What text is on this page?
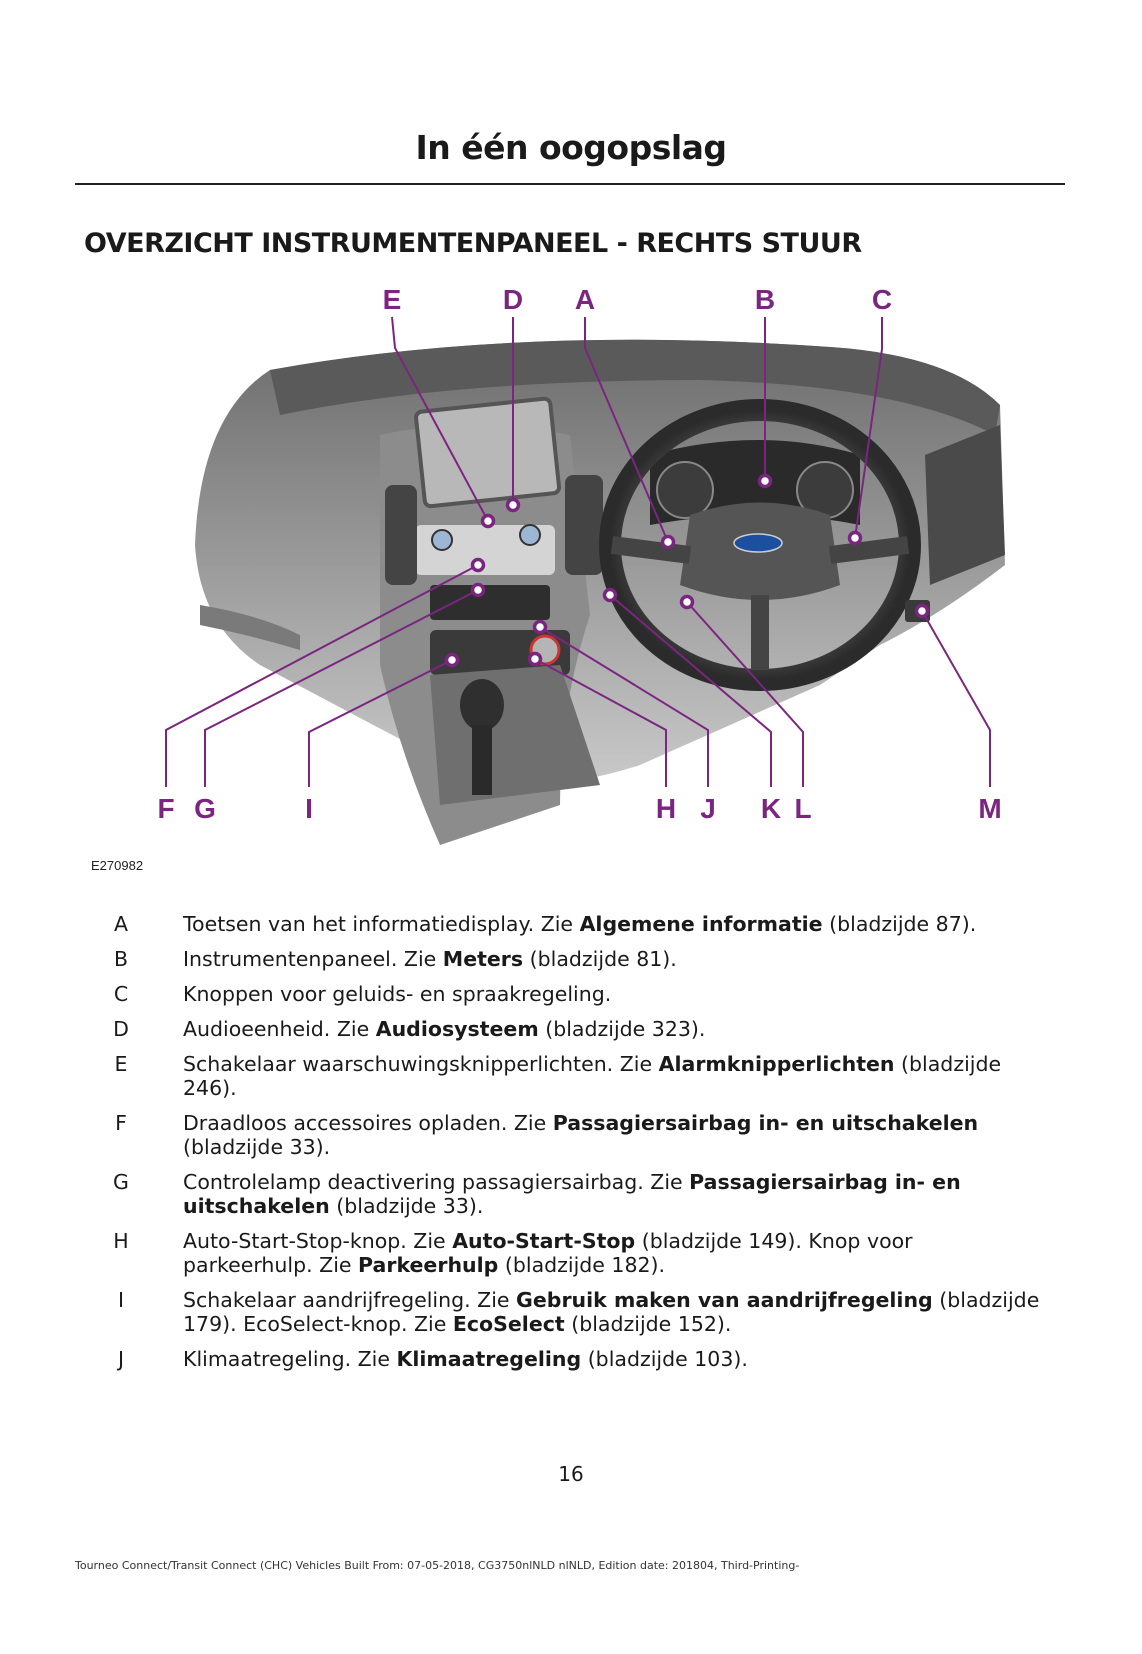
In één oogopslag
OVERZICHT INSTRUMENTENPANEEL - RECHTS STUUR
E	D A	B	C
F G	I	H J K L	M
E270982
A	Toetsen van het informatiedisplay. Zie Algemene informatie (bladzijde 87).
B	Instrumentenpaneel. Zie Meters (bladzijde 81).
C	Knoppen voor geluids- en spraakregeling.
D	Audioeenheid. Zie Audiosysteem (bladzijde 323).
E	Schakelaar waarschuwingsknipperlichten. Zie Alarmknipperlichten (bladzijde 246).
F	Draadloos accessoires opladen. Zie Passagiersairbag in- en uitschakelen (bladzijde 33).
G	Controlelamp deactivering passagiersairbag. Zie Passagiersairbag in- en uitschakelen (bladzijde 33).
H	Auto-Start-Stop-knop. Zie Auto-Start-Stop (bladzijde 149). Knop voor parkeerhulp. Zie Parkeerhulp (bladzijde 182).
I	Schakelaar aandrijfregeling. Zie Gebruik maken van aandrijfregeling (bladzijde 179). EcoSelect-knop. Zie EcoSelect (bladzijde 152).
J	Klimaatregeling. Zie Klimaatregeling (bladzijde 103).
16
Tourneo Connect/Transit Connect (CHC) Vehicles Built From: 07-05-2018, CG3750nlNLD nlNLD, Edition date: 201804, Third-Printing-
